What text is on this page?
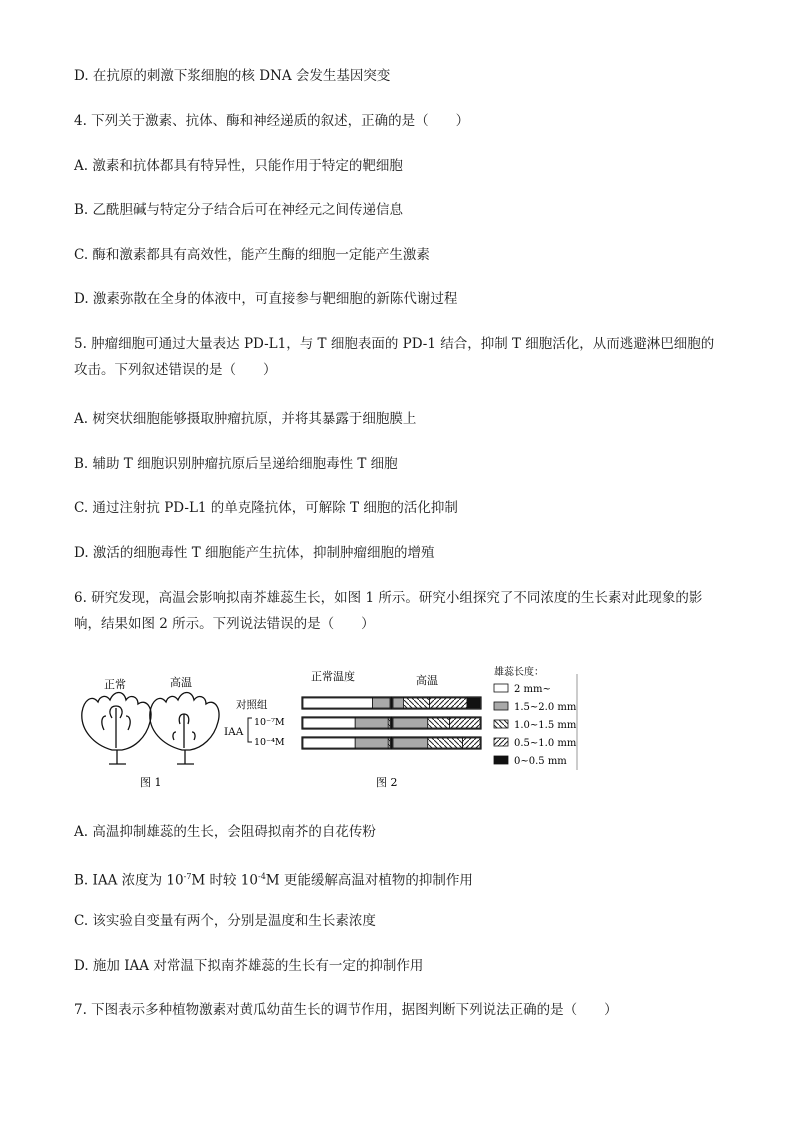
D. 在抗原的刺激下浆细胞的核 DNA 会发生基因突变
4. 下列关于激素、抗体、酶和神经递质的叙述，正确的是（　　）
A. 激素和抗体都具有特异性，只能作用于特定的靶细胞
B. 乙酰胆碱与特定分子结合后可在神经元之间传递信息
C. 酶和激素都具有高效性，能产生酶的细胞一定能产生激素
D. 激素弥散在全身的体液中，可直接参与靶细胞的新陈代谢过程
5. 肿瘤细胞可通过大量表达 PD-L1，与 T 细胞表面的 PD-1 结合，抑制 T 细胞活化，从而逃避淋巴细胞的攻击。下列叙述错误的是（　　）
A. 树突状细胞能够摄取肿瘤抗原，并将其暴露于细胞膜上
B. 辅助 T 细胞识别肿瘤抗原后呈递给细胞毒性 T 细胞
C. 通过注射抗 PD-L1 的单克隆抗体，可解除 T 细胞的活化抑制
D. 激活的细胞毒性 T 细胞能产生抗体，抑制肿瘤细胞的增殖
6. 研究发现，高温会影响拟南芥雄蕊生长，如图 1 所示。研究小组探究了不同浓度的生长素对此现象的影响，结果如图 2 所示。下列说法错误的是（　　）
正常	高温
图 1
正常温度	高温
对照组
IAA
10⁻⁷M
10⁻⁴M
雄蕊长度：
2 mm~
1.5~2.0 mm
1.0~1.5 mm
0.5~1.0 mm
0~0.5 mm
图 2
A. 高温抑制雄蕊的生长，会阻碍拟南芥的自花传粉
B. IAA 浓度为 $10^{-7}M$ 时较 $10^{-4}M$ 更能缓解高温对植物的抑制作用
C. 该实验自变量有两个，分别是温度和生长素浓度
D. 施加 IAA 对常温下拟南芥雄蕊的生长有一定的抑制作用
7. 下图表示多种植物激素对黄瓜幼苗生长的调节作用，据图判断下列说法正确的是（　　）
